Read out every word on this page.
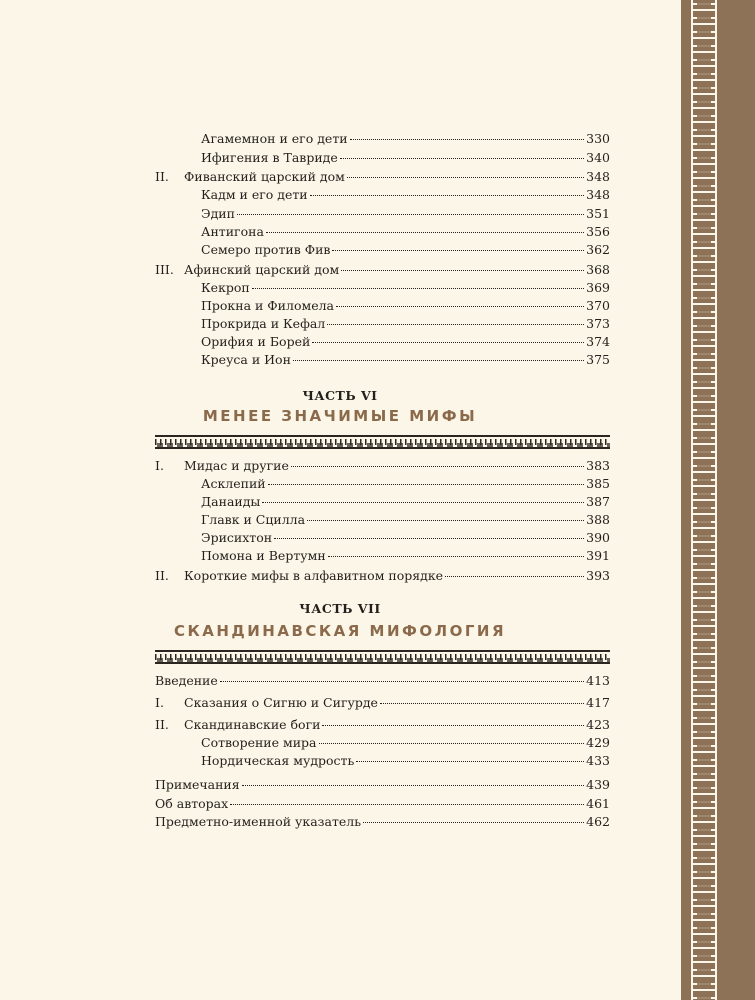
Агамемнон и его дети	330
Ифигения в Тавриде	340
II.	Фиванский царский дом	348
Кадм и его дети	348
Эдип	351
Антигона	356
Семеро против Фив	362
III. Афинский царский дом	368
Кекроп	369
Прокна и Филомела	370
Прокрида и Кефал	373
Орифия и Борей	374
Креуса и Ион	375
ЧАСТЬ VI
МЕНЕЕ ЗНАЧИМЫЕ МИФЫ
I.	Мидас и другие	383
Асклепий	385
Данаиды	387
Главк и Сцилла	388
Эрисихтон	390
Помона и Вертумн	391
II.	Короткие мифы в алфавитном порядке	393
ЧАСТЬ VII
СКАНДИНАВСКАЯ МИФОЛОГИЯ
Введение	413
I.	Сказания о Сигню и Сигурде	417
II.	Скандинавские боги	423
Сотворение мира	429
Нордическая мудрость	433
Примечания	439
Об авторах	461
Предметно-именной указатель	462
